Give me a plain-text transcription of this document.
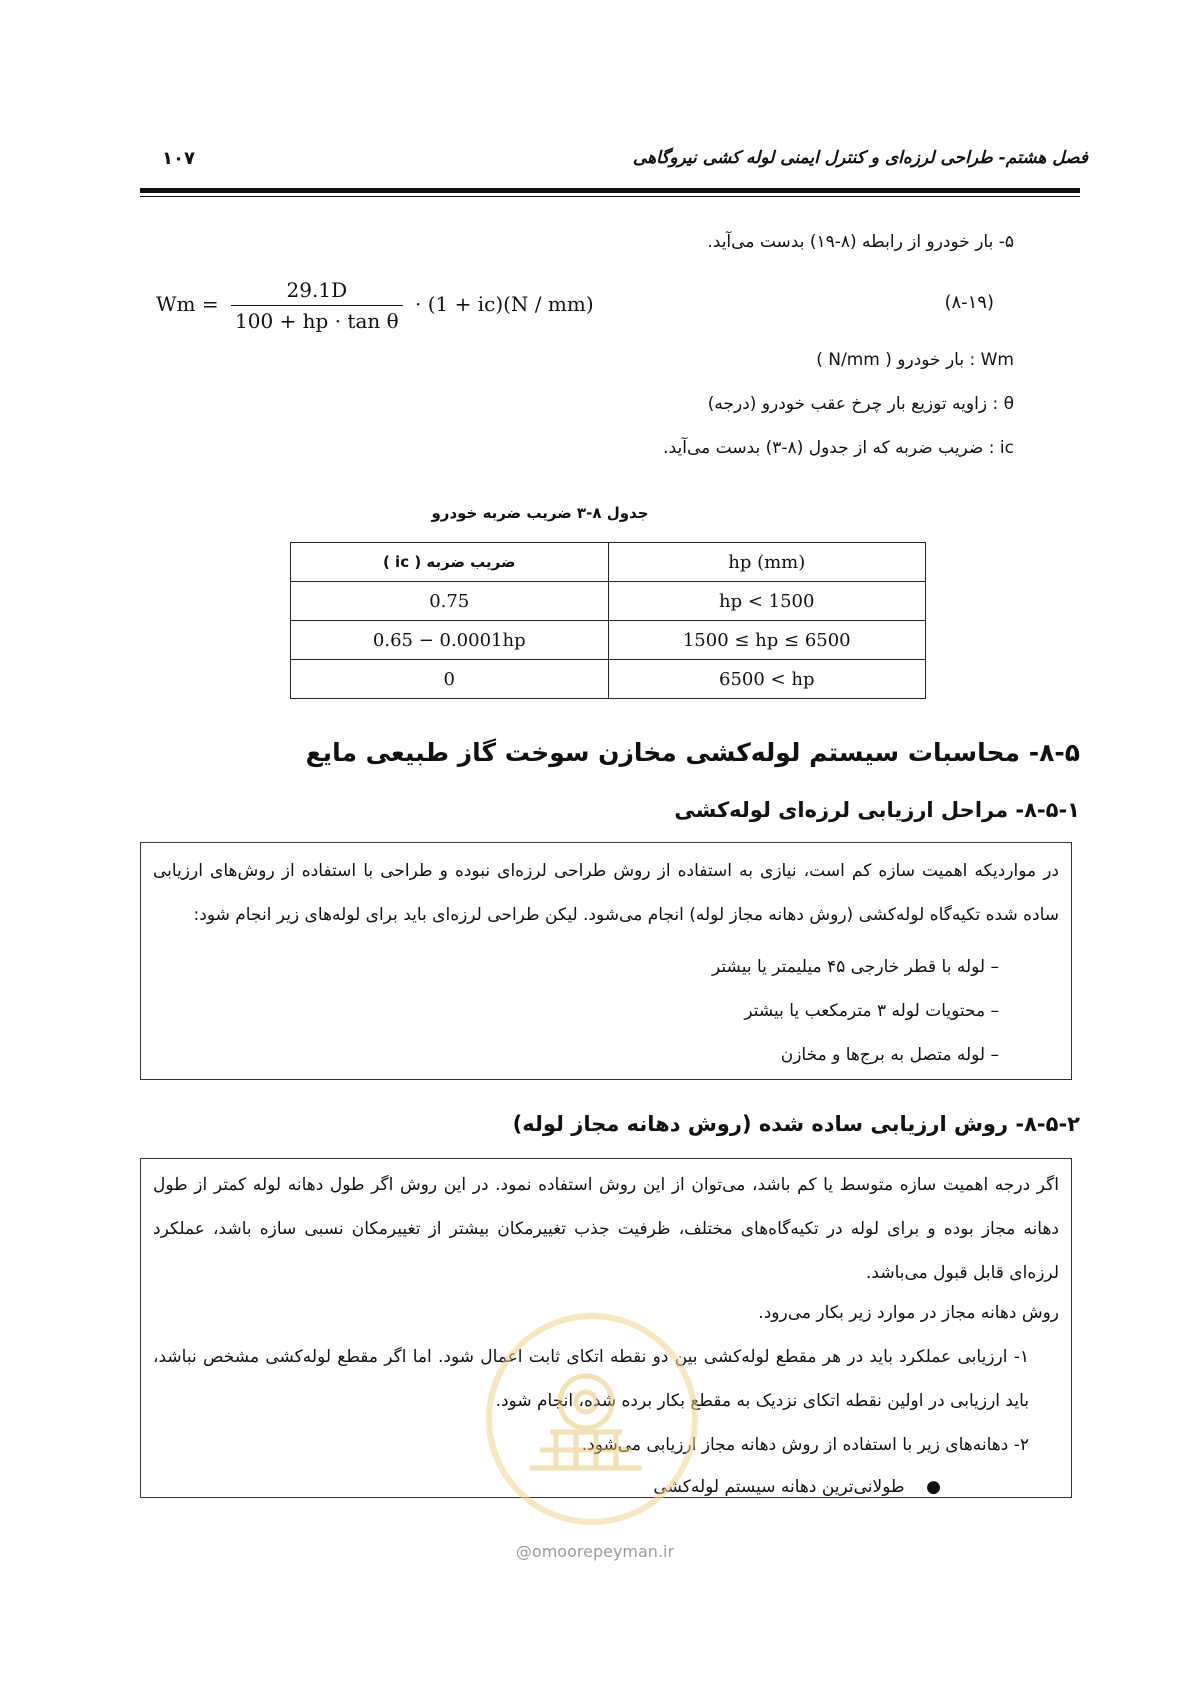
فصل هشتم- طراحی لرزه‌ای و کنترل ایمنی لوله کشی نیروگاهی
۱۰۷
۵- بار خودرو از رابطه (۸-۱۹) بدست می‌آید.
$Wm = \frac{29.1D}{\text{100 + hp · tan θ}} \cdot (1 + ic)(N / mm)$	(۸-۱۹)
Wm : بار خودرو ( N/mm )
θ : زاویه توزیع بار چرخ عقب خودرو (درجه)
ic : ضریب ضربه که از جدول (۸-۳) بدست می‌آید.
جدول ۸-۳ ضریب ضربه خودرو
ضریب ضربه ( ic )	hp (mm)
0.75	hp < 1500
0.65 − 0.0001hp	1500 ≤ hp ≤ 6500
0	6500 < hp
۸-۵- محاسبات سیستم لوله‌کشی مخازن سوخت گاز طبیعی مایع
۸-۵-۱- مراحل ارزیابی لرزه‌ای لوله‌کشی

در مواردیکه اهمیت سازه کم است، نیازی به استفاده از روش طراحی لرزه‌ای نبوده و طراحی با استفاده از روش‌های ارزیابی ساده شده تکیه‌گاه لوله‌کشی (روش دهانه مجاز لوله) انجام می‌شود. لیکن طراحی لرزه‌ای باید برای لوله‌های زیر انجام شود:

– لوله با قطر خارجی ۴۵ میلیمتر یا بیشتر
– محتویات لوله ۳ مترمکعب یا بیشتر
– لوله متصل به برج‌ها و مخازن
۸-۵-۲- روش ارزیابی ساده شده (روش دهانه مجاز لوله)

اگر درجه اهمیت سازه متوسط یا کم باشد، می‌توان از این روش استفاده نمود. در این روش اگر طول دهانه لوله کمتر از طول دهانه مجاز بوده و برای لوله در تکیه‌گاه‌های مختلف، ظرفیت جذب تغییرمکان بیشتر از تغییرمکان نسبی سازه باشد، عملکرد لرزه‌ای قابل قبول می‌باشد.

روش دهانه مجاز در موارد زیر بکار می‌رود.

۱- ارزیابی عملکرد باید در هر مقطع لوله‌کشی بین دو نقطه اتکای ثابت اعمال شود. اما اگر مقطع لوله‌کشی مشخص نباشد، باید ارزیابی در اولین نقطه اتکای نزدیک به مقطع بکار برده شده، انجام شود.

۲- دهانه‌های زیر با استفاده از روش دهانه مجاز ارزیابی می‌شود.
●    طولانی‌ترین دهانه سیستم لوله‌کشی
@omoorepeyman.ir
